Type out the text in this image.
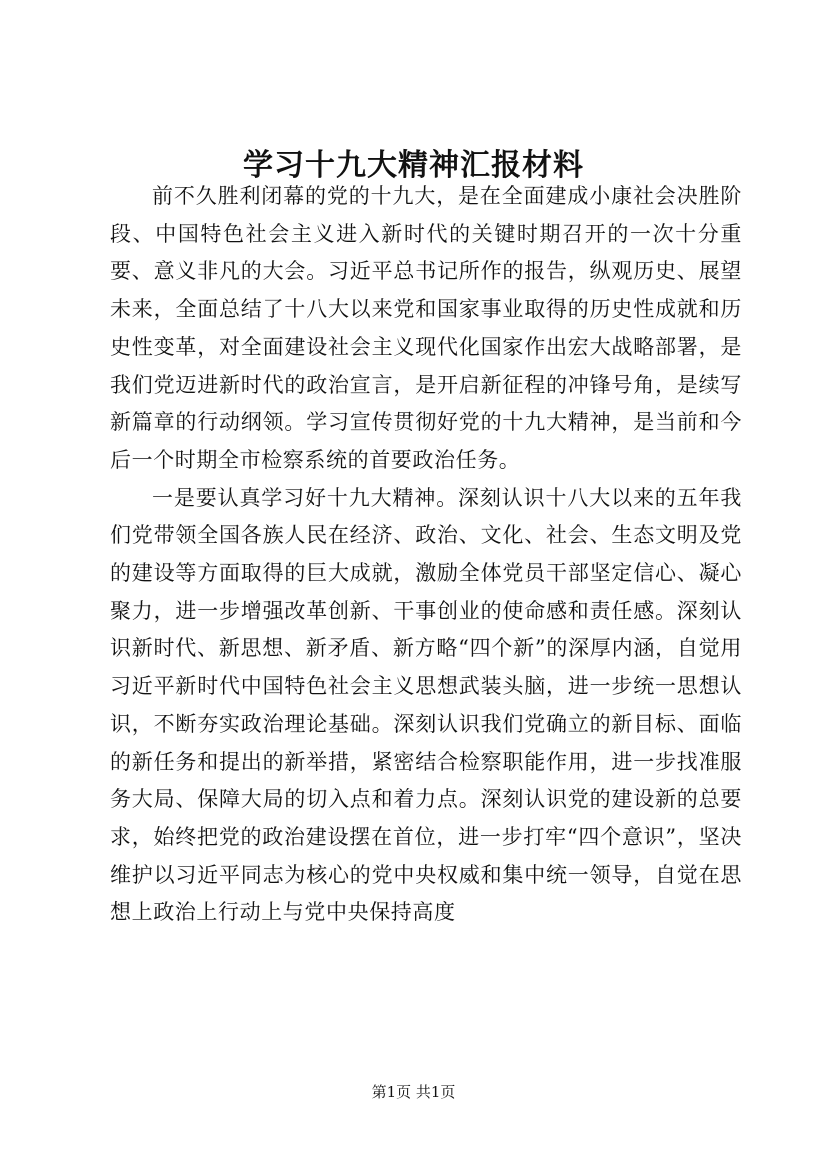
学习十九大精神汇报材料

前不久胜利闭幕的党的十九大，是在全面建成小康社会决胜阶段、中国特色社会主义进入新时代的关键时期召开的一次十分重要、意义非凡的大会。习近平总书记所作的报告，纵观历史、展望未来，全面总结了十八大以来党和国家事业取得的历史性成就和历史性变革，对全面建设社会主义现代化国家作出宏大战略部署，是我们党迈进新时代的政治宣言，是开启新征程的冲锋号角，是续写新篇章的行动纲领。学习宣传贯彻好党的十九大精神，是当前和今后一个时期全市检察系统的首要政治任务。

一是要认真学习好十九大精神。深刻认识十八大以来的五年我们党带领全国各族人民在经济、政治、文化、社会、生态文明及党的建设等方面取得的巨大成就，激励全体党员干部坚定信心、凝心聚力，进一步增强改革创新、干事创业的使命感和责任感。深刻认识新时代、新思想、新矛盾、新方略“四个新”的深厚内涵，自觉用习近平新时代中国特色社会主义思想武装头脑，进一步统一思想认识，不断夯实政治理论基础。深刻认识我们党确立的新目标、面临的新任务和提出的新举措，紧密结合检察职能作用，进一步找准服务大局、保障大局的切入点和着力点。深刻认识党的建设新的总要求，始终把党的政治建设摆在首位，进一步打牢“四个意识”，坚决维护以习近平同志为核心的党中央权威和集中统一领导，自觉在思想上政治上行动上与党中央保持高度

第1页 共1页
